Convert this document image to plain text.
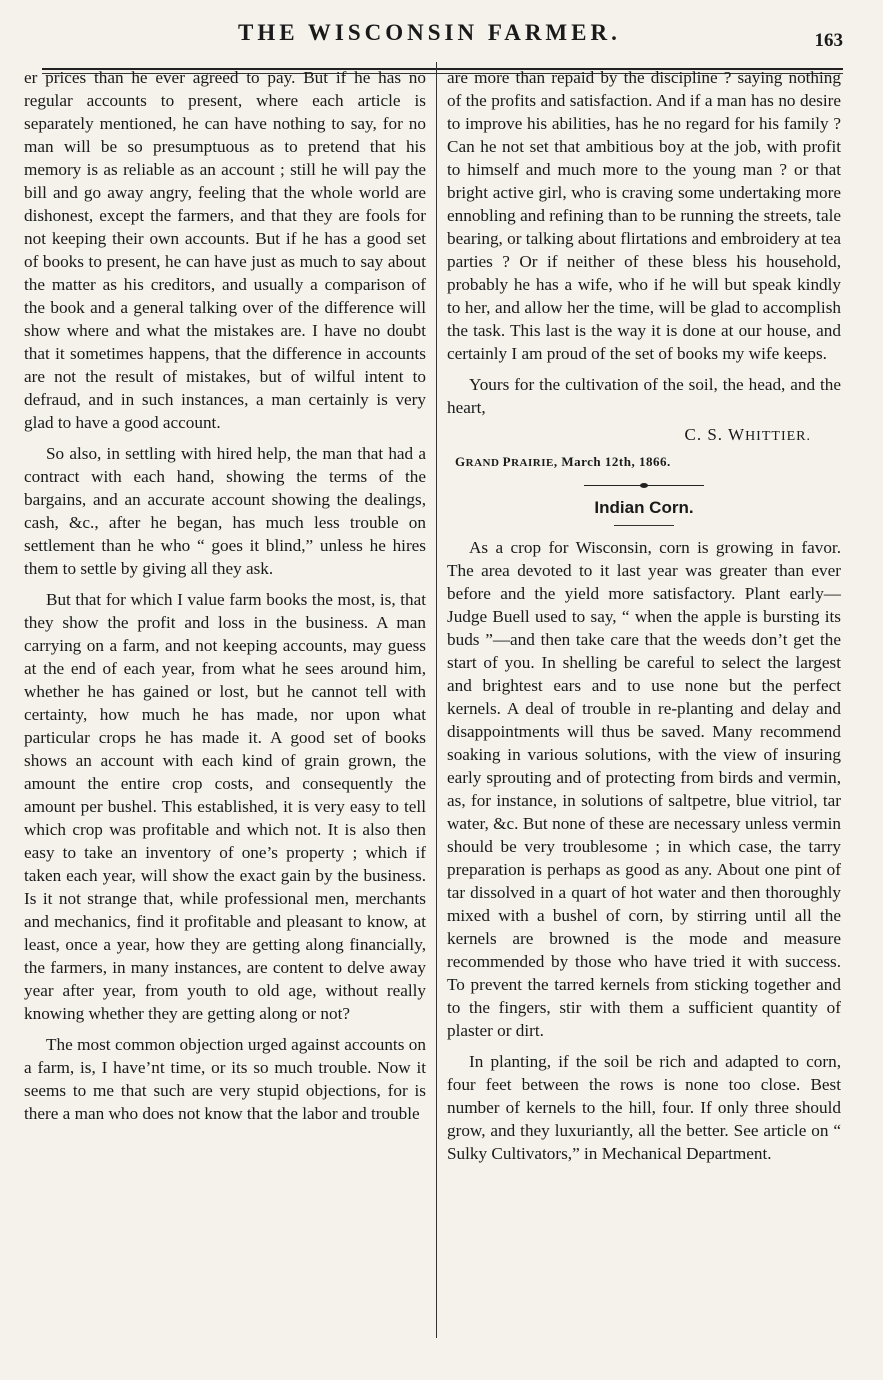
THE WISCONSIN FARMER.	163

er prices than he ever agreed to pay. But if he has no regular accounts to present, where each article is separately mentioned, he can have nothing to say, for no man will be so presumptuous as to pretend that his memory is as reliable as an account ; still he will pay the bill and go away angry, feeling that the whole world are dishonest, except the farmers, and that they are fools for not keeping their own accounts. But if he has a good set of books to present, he can have just as much to say about the matter as his creditors, and usually a comparison of the book and a general talking over of the difference will show where and what the mistakes are. I have no doubt that it sometimes happens, that the difference in accounts are not the result of mistakes, but of wilful intent to defraud, and in such instances, a man certainly is very glad to have a good account.

So also, in settling with hired help, the man that had a contract with each hand, showing the terms of the bargains, and an accurate account showing the dealings, cash, &c., after he began, has much less trouble on settlement than he who “ goes it blind,” unless he hires them to settle by giving all they ask.

But that for which I value farm books the most, is, that they show the profit and loss in the business. A man carrying on a farm, and not keeping accounts, may guess at the end of each year, from what he sees around him, whether he has gained or lost, but he cannot tell with certainty, how much he has made, nor upon what particular crops he has made it. A good set of books shows an account with each kind of grain grown, the amount the entire crop costs, and consequently the amount per bushel. This established, it is very easy to tell which crop was profitable and which not. It is also then easy to take an inventory of one’s property ; which if taken each year, will show the exact gain by the business. Is it not strange that, while professional men, merchants and mechanics, find it profitable and pleasant to know, at least, once a year, how they are getting along financially, the farmers, in many instances, are content to delve away year after year, from youth to old age, without really knowing whether they are getting along or not?

The most common objection urged against accounts on a farm, is, I have’nt time, or its so much trouble. Now it seems to me that such are very stupid objections, for is there a man who does not know that the labor and trouble

are more than repaid by the discipline ? saying nothing of the profits and satisfaction. And if a man has no desire to improve his abilities, has he no regard for his family ? Can he not set that ambitious boy at the job, with profit to himself and much more to the young man ? or that bright active girl, who is craving some undertaking more ennobling and refining than to be running the streets, tale bearing, or talking about flirtations and embroidery at tea parties ? Or if neither of these bless his household, probably he has a wife, who if he will but speak kindly to her, and allow her the time, will be glad to accomplish the task. This last is the way it is done at our house, and certainly I am proud of the set of books my wife keeps.

Yours for the cultivation of the soil, the head, and the heart,

C. S. WHITTIER.
GRAND PRAIRIE, March 12th, 1866.
Indian Corn.

As a crop for Wisconsin, corn is growing in favor. The area devoted to it last year was greater than ever before and the yield more satisfactory. Plant early—Judge Buell used to say, “ when the apple is bursting its buds ”—and then take care that the weeds don’t get the start of you. In shelling be careful to select the largest and brightest ears and to use none but the perfect kernels. A deal of trouble in re-planting and delay and disappointments will thus be saved. Many recommend soaking in various solutions, with the view of insuring early sprouting and of protecting from birds and vermin, as, for instance, in solutions of saltpetre, blue vitriol, tar water, &c. But none of these are necessary unless vermin should be very troublesome ; in which case, the tarry preparation is perhaps as good as any. About one pint of tar dissolved in a quart of hot water and then thoroughly mixed with a bushel of corn, by stirring until all the kernels are browned is the mode and measure recommended by those who have tried it with success. To prevent the tarred kernels from sticking together and to the fingers, stir with them a sufficient quantity of plaster or dirt.

In planting, if the soil be rich and adapted to corn, four feet between the rows is none too close. Best number of kernels to the hill, four. If only three should grow, and they luxuriantly, all the better. See article on “ Sulky Cultivators,” in Mechanical Department.
